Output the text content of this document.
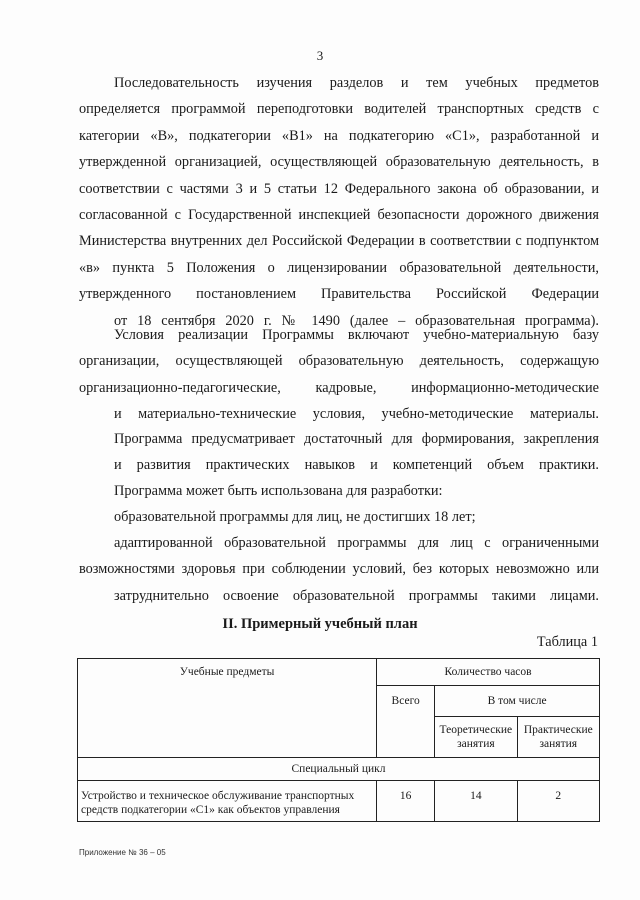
3

Последовательность изучения разделов и тем учебных предметов определяется программой переподготовки водителей транспортных средств с категории «В», подкатегории «В1» на подкатегорию «С1», разработанной и утвержденной организацией, осуществляющей образовательную деятельность, в соответствии с частями 3 и 5 статьи 12 Федерального закона об образовании, и согласованной с Государственной инспекцией безопасности дорожного движения Министерства внутренних дел Российской Федерации в соответствии с подпунктом «в» пункта 5 Положения о лицензировании образовательной деятельности, утвержденного постановлением Правительства Российской Федерации
от 18 сентября 2020 г. № 1490 (далее – образовательная программа).

Условия реализации Программы включают учебно-материальную базу организации, осуществляющей образовательную деятельность, содержащую организационно-педагогические, кадровые, информационно-методические
и материально-технические условия, учебно-методические материалы.

Программа предусматривает достаточный для формирования, закрепления
и развития практических навыков и компетенций объем практики.

Программа может быть использована для разработки:

образовательной программы для лиц, не достигших 18 лет;

адаптированной образовательной программы для лиц с ограниченными возможностями здоровья при соблюдении условий, без которых невозможно или
затруднительно освоение образовательной программы такими лицами.

II. Примерный учебный план
Таблица 1
Учебные предметы	Количество часов		
	Всего	В том числе	
		Теоретические занятия	Практические занятия
Специальный цикл			
Устройство и техническое обслуживание транспортных средств подкатегории «С1» как объектов управления	16	14	2
Приложение № 36 – 05
